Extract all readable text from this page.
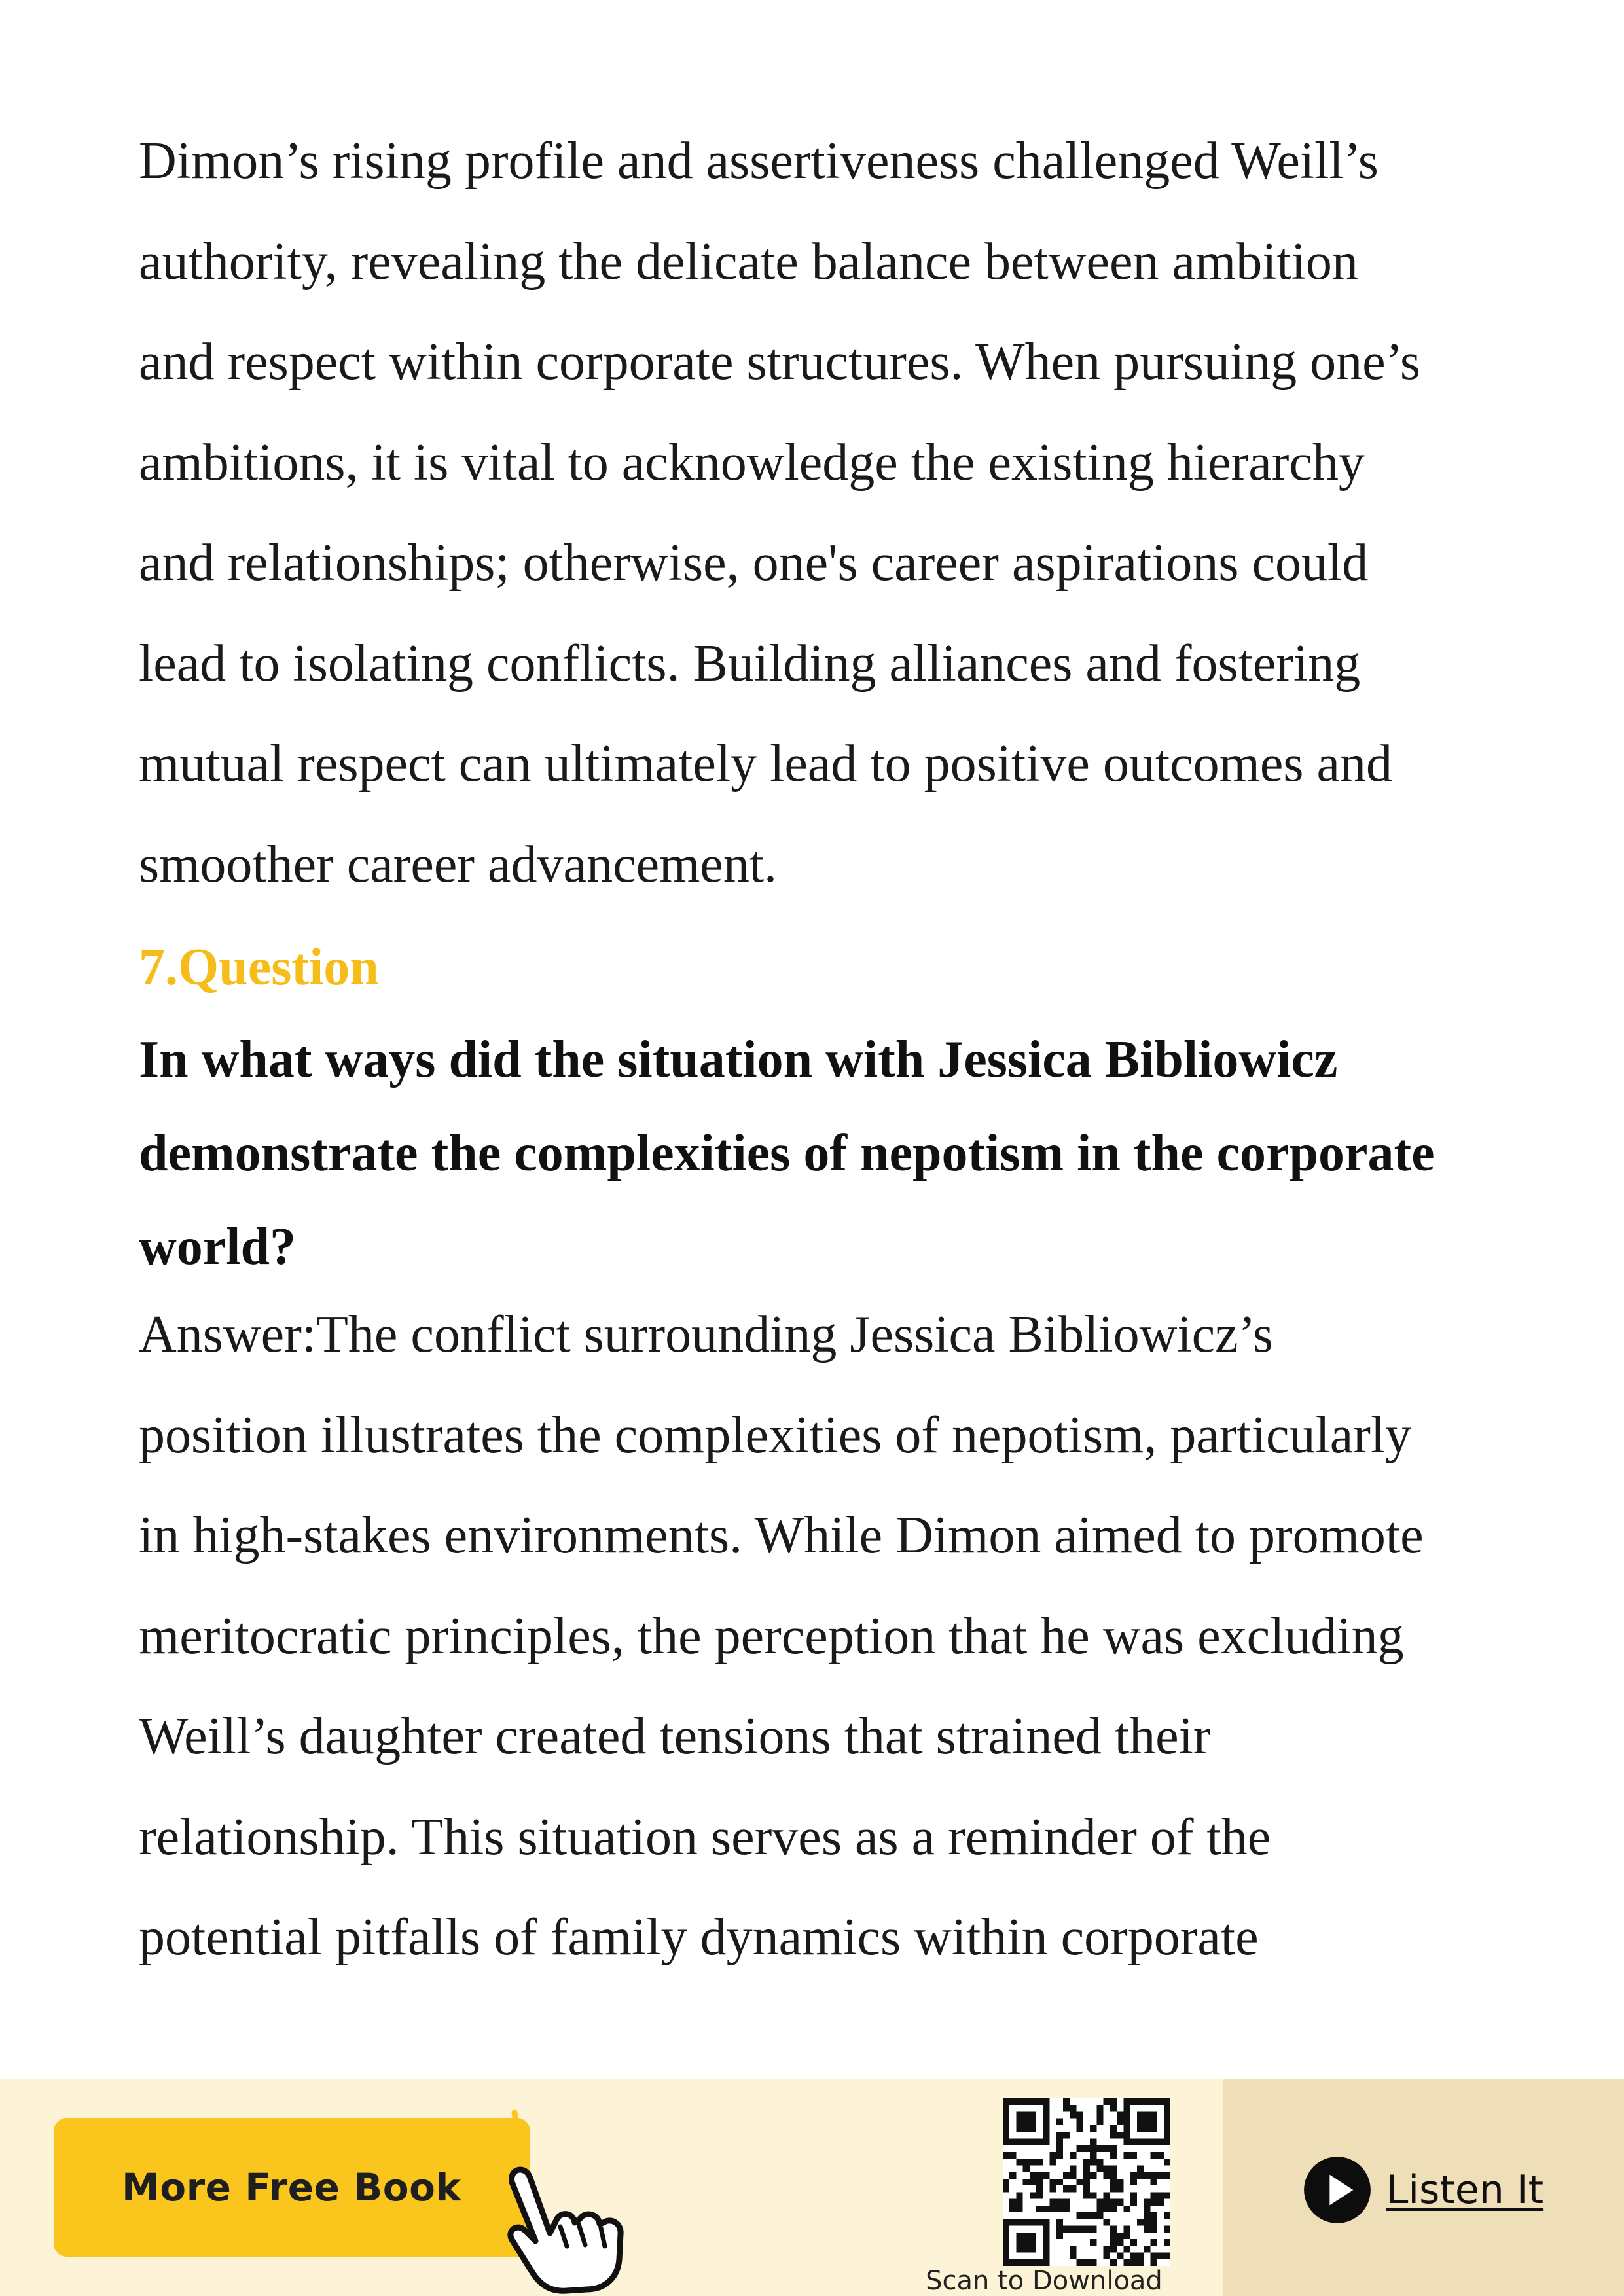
Dimon’s rising profile and assertiveness challenged Weill’s
authority, revealing the delicate balance between ambition
and respect within corporate structures. When pursuing one’s
ambitions, it is vital to acknowledge the existing hierarchy
and relationships; otherwise, one's career aspirations could
lead to isolating conflicts. Building alliances and fostering
mutual respect can ultimately lead to positive outcomes and
smoother career advancement.

7.Question
In what ways did the situation with Jessica Bibliowicz
demonstrate the complexities of nepotism in the corporate
world?

Answer:The conflict surrounding Jessica Bibliowicz’s
position illustrates the complexities of nepotism, particularly
in high-stakes environments. While Dimon aimed to promote
meritocratic principles, the perception that he was excluding
Weill’s daughter created tensions that strained their
relationship. This situation serves as a reminder of the
potential pitfalls of family dynamics within corporate

More Free Book
Scan to Download
Listen It
